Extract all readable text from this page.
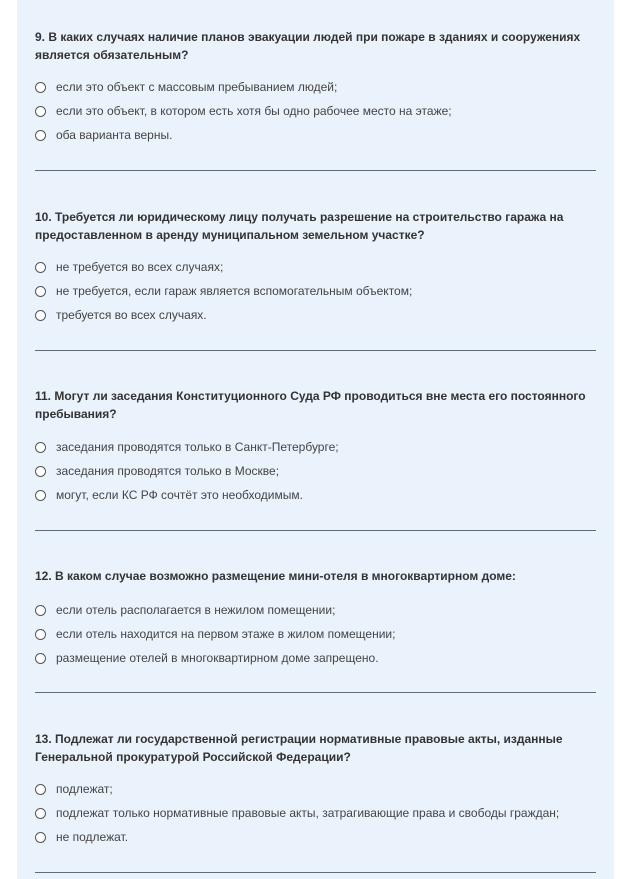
9. В каких случаях наличие планов эвакуации людей при пожаре в зданиях и сооружениях является обязательным?
если это объект с массовым пребыванием людей;
если это объект, в котором есть хотя бы одно рабочее место на этаже;
оба варианта верны.
10. Требуется ли юридическому лицу получать разрешение на строительство гаража на предоставленном в аренду муниципальном земельном участке?
не требуется во всех случаях;
не требуется, если гараж является вспомогательным объектом;
требуется во всех случаях.
11. Могут ли заседания Конституционного Суда РФ проводиться вне места его постоянного пребывания?
заседания проводятся только в Санкт-Петербурге;
заседания проводятся только в Москве;
могут, если КС РФ сочтёт это необходимым.
12. В каком случае возможно размещение мини-отеля в многоквартирном доме:
если отель располагается в нежилом помещении;
если отель находится на первом этаже в жилом помещении;
размещение отелей в многоквартирном доме запрещено.
13. Подлежат ли государственной регистрации нормативные правовые акты, изданные Генеральной прокуратурой Российской Федерации?
подлежат;
подлежат только нормативные правовые акты, затрагивающие права и свободы граждан;
не подлежат.
